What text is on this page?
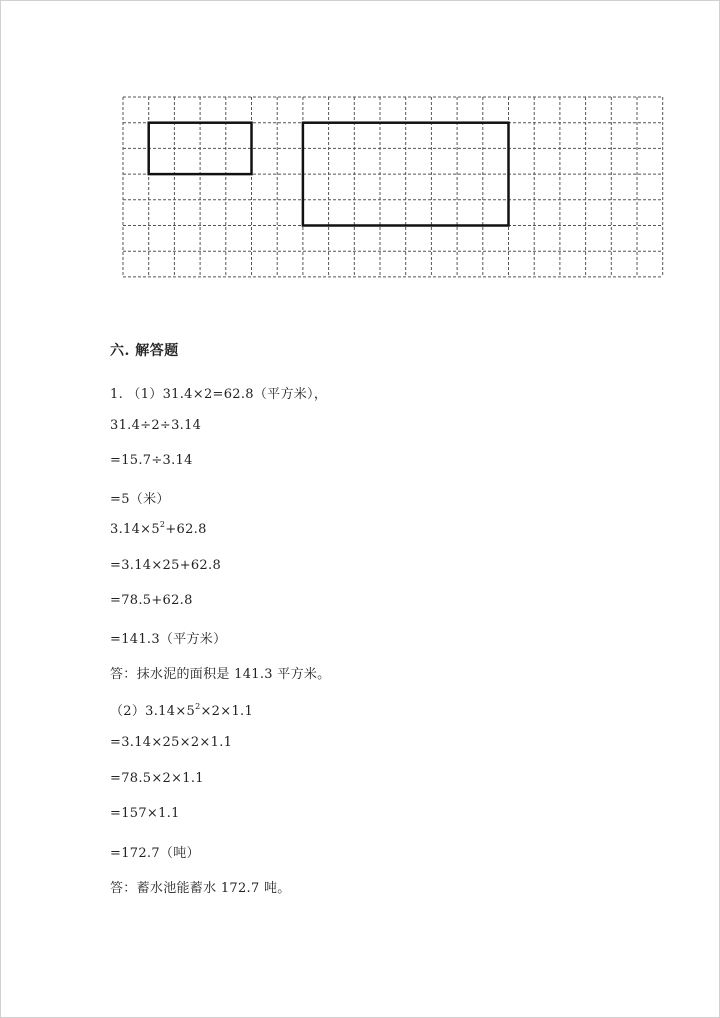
六. 解答题
1. （1）31.4×2=62.8（平方米），
31.4÷2÷3.14
=15.7÷3.14
=5（米）
$3.14\times 5^2+62.8$
=3.14×25+62.8
=78.5+62.8
=141.3（平方米）
答：抹水泥的面积是 141.3 平方米。
$(2)3.14\times 5^2\times 2\times 1.1$
=3.14×25×2×1.1
=78.5×2×1.1
=157×1.1
=172.7（吨）
答：蓄水池能蓄水 172.7 吨。
